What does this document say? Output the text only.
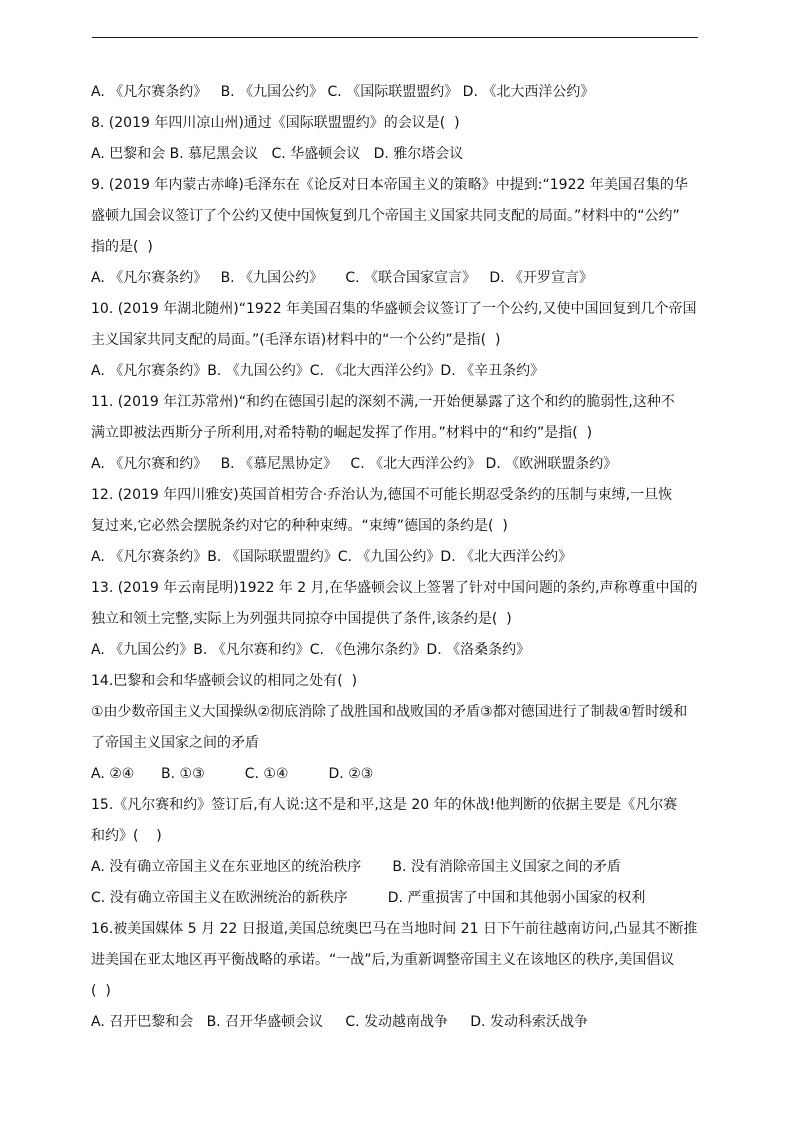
A. 《凡尔赛条约》   B. 《九国公约》 C. 《国际联盟盟约》 D. 《北大西洋公约》
8. (2019 年四川凉山州)通过《国际联盟盟约》的会议是(  )
A. 巴黎和会 B. 慕尼黑会议   C. 华盛顿会议   D. 雅尔塔会议
9. (2019 年内蒙古赤峰)毛泽东在《论反对日本帝国主义的策略》中提到:“1922 年美国召集的华
盛顿九国会议签订了个公约又使中国恢复到几个帝国主义国家共同支配的局面。”材料中的“公约”
指的是(  )
A. 《凡尔赛条约》   B. 《九国公约》     C. 《联合国家宣言》   D. 《开罗宣言》
10. (2019 年湖北随州)“1922 年美国召集的华盛顿会议签订了一个公约,又使中国回复到几个帝国
主义国家共同支配的局面。”(毛泽东语)材料中的“一个公约”是指(  )
A. 《凡尔赛条约》B. 《九国公约》C. 《北大西洋公约》D. 《辛丑条约》
11. (2019 年江苏常州)“和约在德国引起的深刻不满,一开始便暴露了这个和约的脆弱性,这种不
满立即被法西斯分子所利用,对希特勒的崛起发挥了作用。”材料中的“和约”是指(  )
A. 《凡尔赛和约》   B. 《慕尼黑协定》   C. 《北大西洋公约》 D. 《欧洲联盟条约》
12. (2019 年四川雅安)英国首相劳合·乔治认为,德国不可能长期忍受条约的压制与束缚,一旦恢
复过来,它必然会摆脱条约对它的种种束缚。“束缚”德国的条约是(  )
A. 《凡尔赛条约》B. 《国际联盟盟约》C. 《九国公约》D. 《北大西洋公约》
13. (2019 年云南昆明)1922 年 2 月,在华盛顿会议上签署了针对中国问题的条约,声称尊重中国的
独立和领土完整,实际上为列强共同掠夺中国提供了条件,该条约是(  )
A. 《九国公约》B. 《凡尔赛和约》C. 《色沸尔条约》D. 《洛桑条约》
14.巴黎和会和华盛顿会议的相同之处有(  )
①由少数帝国主义大国操纵②彻底消除了战胜国和战败国的矛盾③都对德国进行了制裁④暂时缓和
了帝国主义国家之间的矛盾
A. ②④      B. ①③         C. ①④         D. ②③
15.《凡尔赛和约》签订后,有人说:这不是和平,这是 20 年的休战!他判断的依据主要是《凡尔赛
和约》(    )
A. 没有确立帝国主义在东亚地区的统治秩序       B. 没有消除帝国主义国家之间的矛盾
C. 没有确立帝国主义在欧洲统治的新秩序         D. 严重损害了中国和其他弱小国家的权利
16.被美国媒体 5 月 22 日报道,美国总统奥巴马在当地时间 21 日下午前往越南访问,凸显其不断推
进美国在亚太地区再平衡战略的承诺。“一战”后,为重新调整帝国主义在该地区的秩序,美国倡议
(  )
A. 召开巴黎和会   B. 召开华盛顿会议     C. 发动越南战争     D. 发动科索沃战争
